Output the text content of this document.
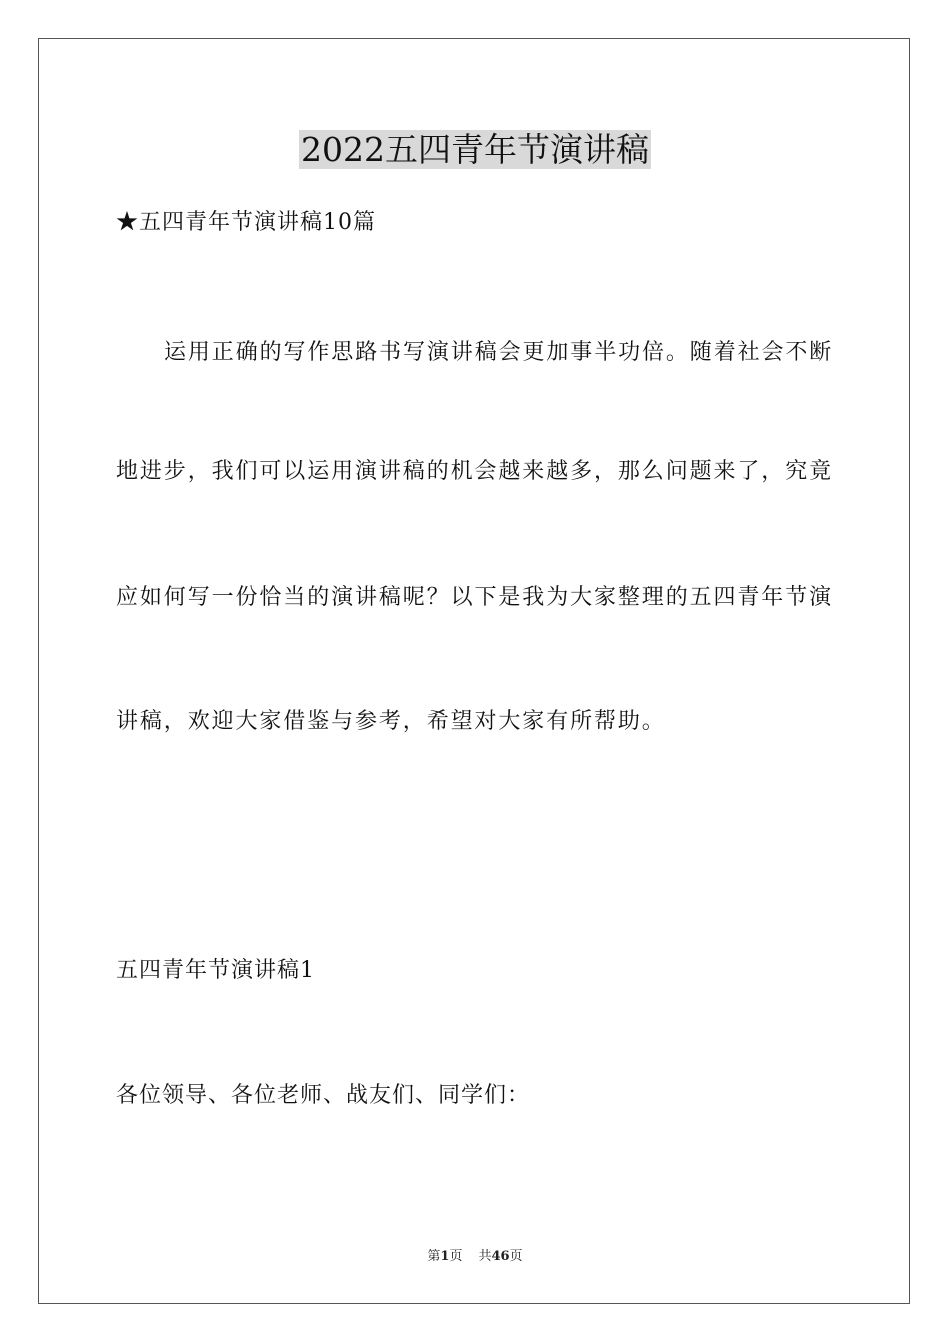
2022五四青年节演讲稿
★五四青年节演讲稿10篇
运用正确的写作思路书写演讲稿会更加事半功倍。随着社会不断
地进步，我们可以运用演讲稿的机会越来越多，那么问题来了，究竟
应如何写一份恰当的演讲稿呢？以下是我为大家整理的五四青年节演
讲稿，欢迎大家借鉴与参考，希望对大家有所帮助。
五四青年节演讲稿1
各位领导、各位老师、战友们、同学们：
第1页 共46页
